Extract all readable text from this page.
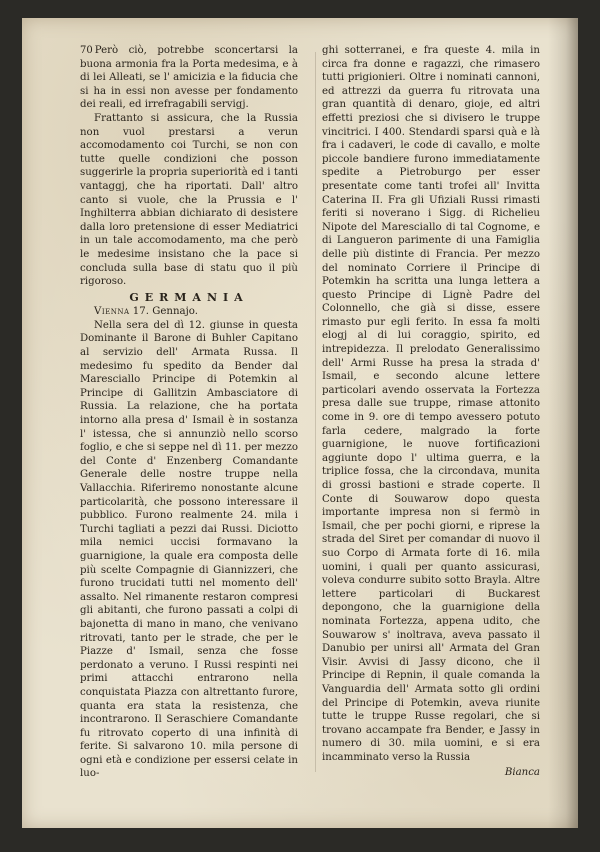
70 Però ciò, potrebbe sconcertarsi la buona armonia fra la Porta medesima, e à di lei Alleati, se l' amicizia e la fiducia che si ha in essi non avesse per fondamento dei reali, ed irrefragabili servigj.

Frattanto si assicura, che la Russia non vuol prestarsi a verun accomodamento coi Turchi, se non con tutte quelle condizioni che posson suggerirle la propria superiorità ed i tanti vantaggj, che ha riportati. Dall' altro canto si vuole, che la Prussia e l' Inghilterra abbian dichiarato di desistere dalla loro pretensione di esser Mediatrici in un tale accomodamento, ma che però le medesime insistano che la pace si concluda sulla base di statu quo il più rigoroso.

GERMANIA

Vienna 17. Gennajo.

Nella sera del dì 12. giunse in questa Dominante il Barone di Buhler Capitano al servizio dell' Armata Russa. Il medesimo fu spedito da Bender dal Maresciallo Principe di Potemkin al Principe di Gallitzin Ambasciatore di Russia. La relazione, che ha portata intorno alla presa d' Ismail è in sostanza l' istessa, che si annunziò nello scorso foglio, e che si seppe nel dì 11. per mezzo del Conte d' Enzenberg Comandante Generale delle nostre truppe nella Vallacchia. Riferiremo nonostante alcune particolarità, che possono interessare il pubblico. Furono realmente 24. mila i Turchi tagliati a pezzi dai Russi. Diciotto mila nemici uccisi formavano la guarnigione, la quale era composta delle più scelte Compagnie di Giannizzeri, che furono trucidati tutti nel momento dell' assalto. Nel rimanente restaron compresi gli abitanti, che furono passati a colpi di bajonetta di mano in mano, che venivano ritrovati, tanto per le strade, che per le Piazze d' Ismail, senza che fosse perdonato a veruno. I Russi respinti nei primi attacchi entrarono nella conquistata Piazza con altrettanto furore, quanta era stata la resistenza, che incontrarono. Il Seraschiere Comandante fu ritrovato coperto di una infinità di ferite. Si salvarono 10. mila persone di ogni età e condizione per essersi celate in luo-

ghi sotterranei, e fra queste 4. mila in circa fra donne e ragazzi, che rimasero tutti prigionieri. Oltre i nominati cannoni, ed attrezzi da guerra fu ritrovata una gran quantità di denaro, gioje, ed altri effetti preziosi che si divisero le truppe vincitrici. I 400. Stendardi sparsi quà e là fra i cadaveri, le code di cavallo, e molte piccole bandiere furono immediatamente spedite a Pietroburgo per esser presentate come tanti trofei all' Invitta Caterina II. Fra gli Ufiziali Russi rimasti feriti si noverano i Sigg. di Richelieu Nipote del Maresciallo di tal Cognome, e di Langueron parimente di una Famiglia delle più distinte di Francia. Per mezzo del nominato Corriere il Principe di Potemkin ha scritta una lunga lettera a questo Principe di Lignè Padre del Colonnello, che già si disse, essere rimasto pur egli ferito. In essa fa molti elogj al di lui coraggio, spirito, ed intrepidezza. Il prelodato Generalissimo dell' Armi Russe ha presa la strada d' Ismail, e secondo alcune lettere particolari avendo osservata la Fortezza presa dalle sue truppe, rimase attonito come in 9. ore di tempo avessero potuto farla cedere, malgrado la forte guarnigione, le nuove fortificazioni aggiunte dopo l' ultima guerra, e la triplice fossa, che la circondava, munita di grossi bastioni e strade coperte. Il Conte di Souwarow dopo questa importante impresa non si fermò in Ismail, che per pochi giorni, e riprese la strada del Siret per comandar di nuovo il suo Corpo di Armata forte di 16. mila uomini, i quali per quanto assicurasi, voleva condurre subito sotto Brayla. Altre lettere particolari di Buckarest depongono, che la guarnigione della nominata Fortezza, appena udito, che Souwarow s' inoltrava, aveva passato il Danubio per unirsi all' Armata del Gran Visir. Avvisi di Jassy dicono, che il Principe di Repnin, il quale comanda la Vanguardia dell' Armata sotto gli ordini del Principe di Potemkin, aveva riunite tutte le truppe Russe regolari, che si trovano accampate fra Bender, e Jassy in numero di 30. mila uomini, e si era incamminato verso la Russia

Bianca
